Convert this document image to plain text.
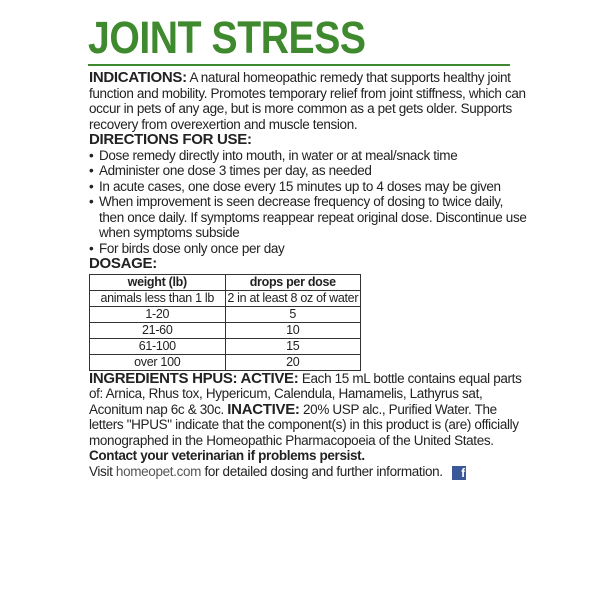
JOINT STRESS

INDICATIONS: A natural homeopathic remedy that supports healthy joint function and mobility. Promotes temporary relief from joint stiffness, which can occur in pets of any age, but is more common as a pet gets older. Supports recovery from overexertion and muscle tension.

DIRECTIONS FOR USE:

• Dose remedy directly into mouth, in water or at meal/snack time
• Administer one dose 3 times per day, as needed
• In acute cases, one dose every 15 minutes up to 4 doses may be given
• When improvement is seen decrease frequency of dosing to twice daily, then once daily. If symptoms reappear repeat original dose. Discontinue use when symptoms subside
• For birds dose only once per day

DOSAGE:

weight (lb)	drops per dose
animals less than 1 lb	2 in at least 8 oz of water
1-20	5
21-60	10
61-100	15
over 100	20

INGREDIENTS HPUS: ACTIVE: Each 15 mL bottle contains equal parts of: Arnica, Rhus tox, Hypericum, Calendula, Hamamelis, Lathyrus sat, Aconitum nap 6c & 30c. INACTIVE: 20% USP alc., Purified Water. The letters "HPUS" indicate that the component(s) in this product is (are) officially monographed in the Homeopathic Pharmacopoeia of the United States.

Contact your veterinarian if problems persist.

Visit homeopet.com for detailed dosing and further information. f
